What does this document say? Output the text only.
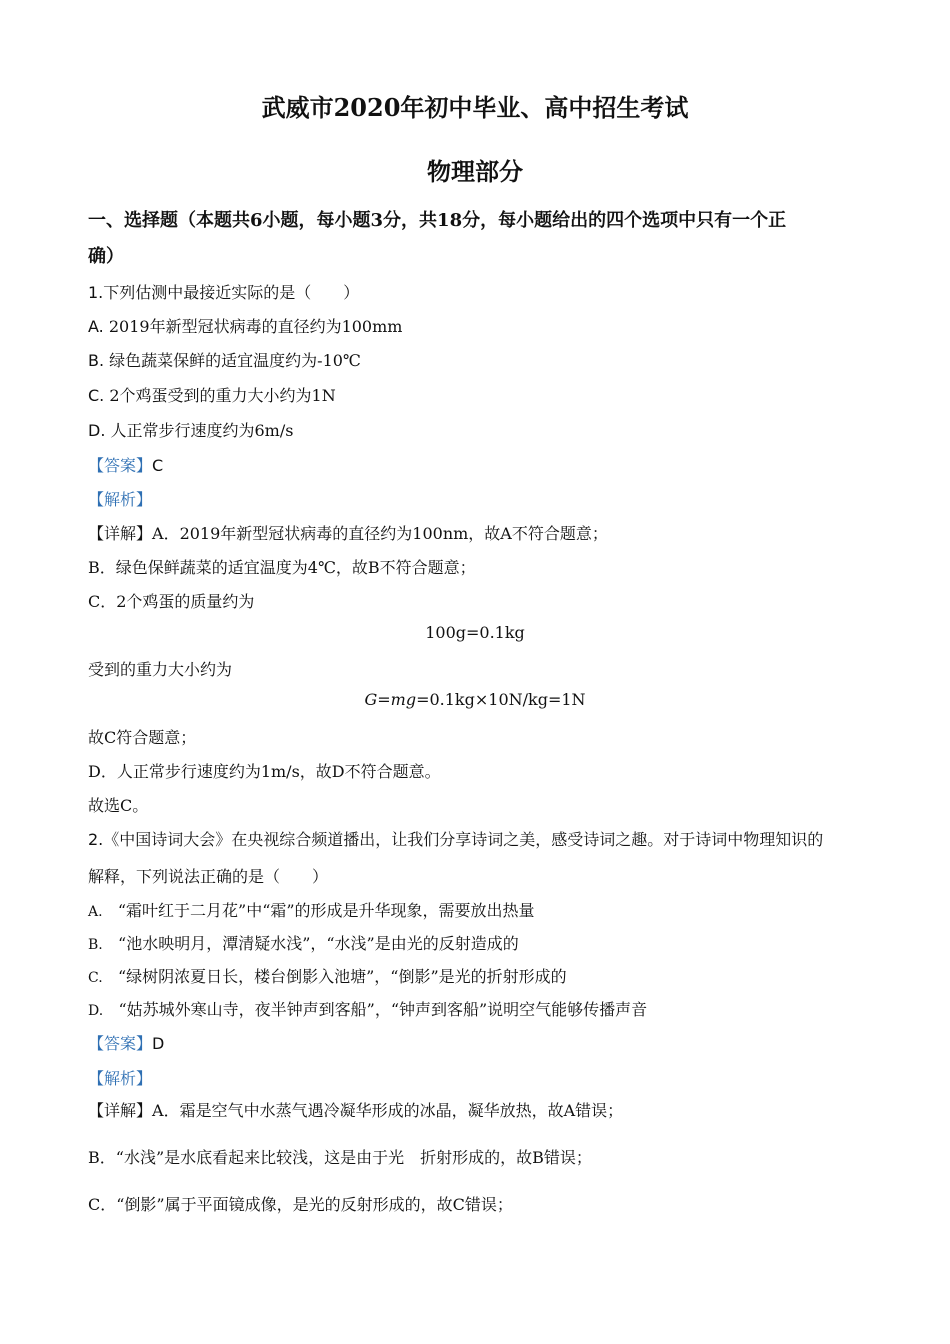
武威市2020年初中毕业、高中招生考试
物理部分
一、选择题（本题共6小题，每小题3分，共18分，每小题给出的四个选项中只有一个正
确）
1.下列估测中最接近实际的是（　　）
A. 2019年新型冠状病毒的直径约为100mm
B. 绿色蔬菜保鲜的适宜温度约为-10℃
C. 2个鸡蛋受到的重力大小约为1N
D. 人正常步行速度约为6m/s
【答案】C
【解析】
【详解】A．2019年新型冠状病毒的直径约为100nm，故A不符合题意；
B．绿色保鲜蔬菜的适宜温度为4℃，故B不符合题意；
C．2个鸡蛋的质量约为
100g=0.1kg
受到的重力大小约为
G=mg=0.1kg×10N/kg=1N
故C符合题意；
D．人正常步行速度约为1m/s，故D不符合题意。
故选C。
2.《中国诗词大会》在央视综合频道播出，让我们分享诗词之美，感受诗词之趣。对于诗词中物理知识的
解释，下列说法正确的是（　　）
A. “霜叶红于二月花”中“霜”的形成是升华现象，需要放出热量
B. “池水映明月，潭清疑水浅”，“水浅”是由光的反射造成的
C. “绿树阴浓夏日长，楼台倒影入池塘”，“倒影”是光的折射形成的
D. “姑苏城外寒山寺，夜半钟声到客船”，“钟声到客船”说明空气能够传播声音
【答案】D
【解析】
【详解】A．霜是空气中水蒸气遇冷凝华形成的冰晶，凝华放热，故A错误；
B．“水浅”是水底看起来比较浅，这是由于光　折射形成的，故B错误；
C．“倒影”属于平面镜成像，是光的反射形成的，故C错误；
